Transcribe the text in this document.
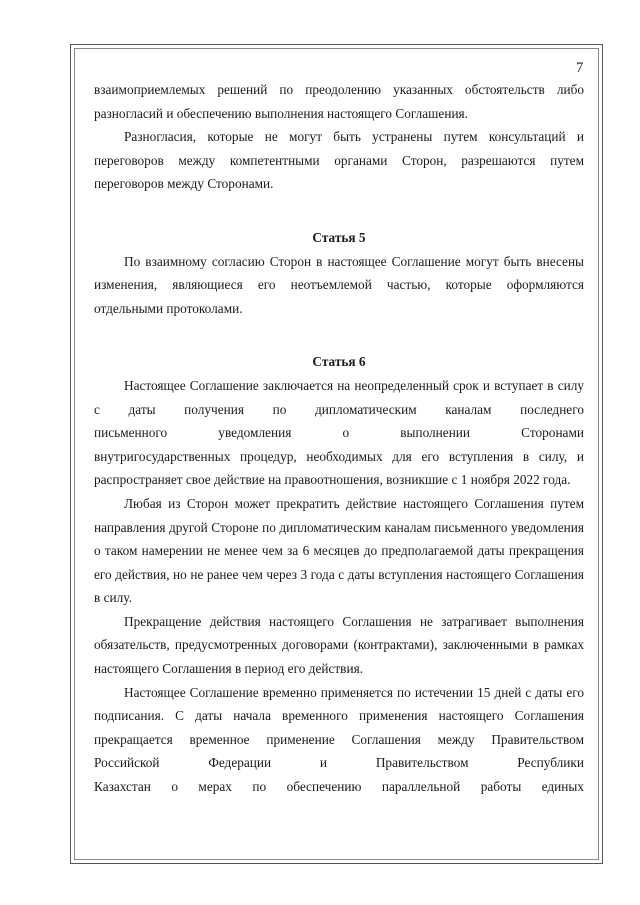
7

взаимоприемлемых решений по преодолению указанных обстоятельств либо разногласий и обеспечению выполнения настоящего Соглашения.

Разногласия, которые не могут быть устранены путем консультаций и переговоров между компетентными органами Сторон, разрешаются путем переговоров между Сторонами.

Статья 5

По взаимному согласию Сторон в настоящее Соглашение могут быть внесены изменения, являющиеся его неотъемлемой частью, которые оформляются отдельными протоколами.

Статья 6

Настоящее Соглашение заключается на неопределенный срок и вступает в силу с даты получения по дипломатическим каналам последнего

письменного уведомления о выполнении Сторонами

внутригосударственных процедур, необходимых для его вступления в силу, и распространяет свое действие на правоотношения, возникшие с 1 ноября 2022 года.

Любая из Сторон может прекратить действие настоящего Соглашения путем направления другой Стороне по дипломатическим каналам письменного уведомления о таком намерении не менее чем за 6 месяцев до предполагаемой даты прекращения его действия, но не ранее чем через 3 года с даты вступления настоящего Соглашения в силу.

Прекращение действия настоящего Соглашения не затрагивает выполнения обязательств, предусмотренных договорами (контрактами), заключенными в рамках настоящего Соглашения в период его действия.

Настоящее Соглашение временно применяется по истечении 15 дней с даты его подписания. С даты начала временного применения настоящего Соглашения прекращается временное применение Соглашения между Правительством Российской Федерации и Правительством Республики

Казахстан о мерах по обеспечению параллельной работы единых
